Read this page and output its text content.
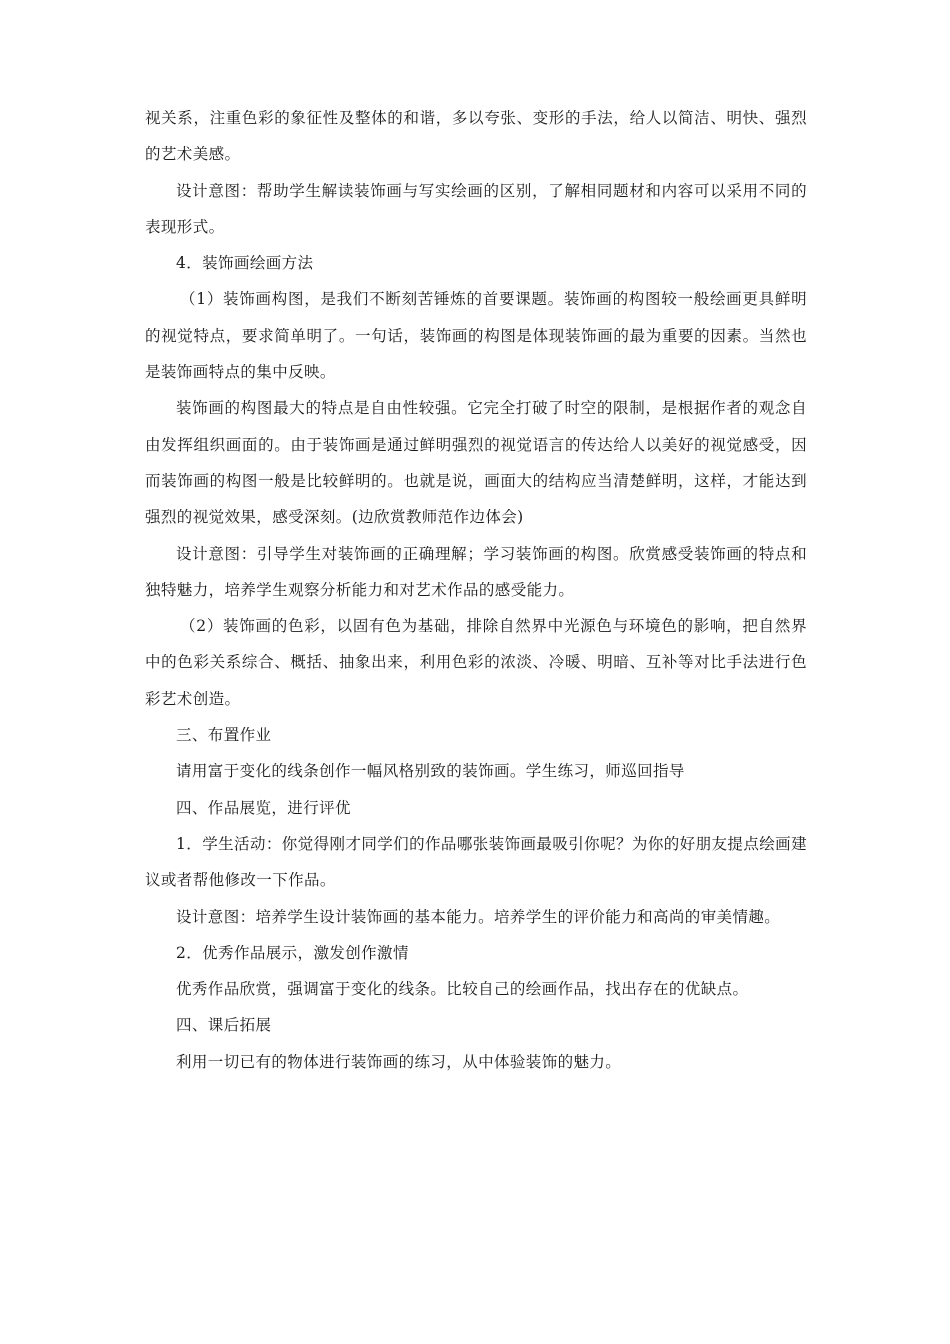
视关系，注重色彩的象征性及整体的和谐，多以夸张、变形的手法，给人以简洁、明快、强烈的艺术美感。

设计意图：帮助学生解读装饰画与写实绘画的区别，了解相同题材和内容可以采用不同的表现形式。

4．装饰画绘画方法

（1）装饰画构图，是我们不断刻苦锤炼的首要课题。装饰画的构图较一般绘画更具鲜明的视觉特点，要求简单明了。一句话，装饰画的构图是体现装饰画的最为重要的因素。当然也是装饰画特点的集中反映。

装饰画的构图最大的特点是自由性较强。它完全打破了时空的限制，是根据作者的观念自由发挥组织画面的。由于装饰画是通过鲜明强烈的视觉语言的传达给人以美好的视觉感受，因而装饰画的构图一般是比较鲜明的。也就是说，画面大的结构应当清楚鲜明，这样，才能达到强烈的视觉效果，感受深刻。(边欣赏教师范作边体会)

设计意图：引导学生对装饰画的正确理解；学习装饰画的构图。欣赏感受装饰画的特点和独特魅力，培养学生观察分析能力和对艺术作品的感受能力。

（2）装饰画的色彩，以固有色为基础，排除自然界中光源色与环境色的影响，把自然界中的色彩关系综合、概括、抽象出来，利用色彩的浓淡、冷暖、明暗、互补等对比手法进行色彩艺术创造。

三、布置作业

请用富于变化的线条创作一幅风格别致的装饰画。学生练习，师巡回指导

四、作品展览，进行评优

1．学生活动：你觉得刚才同学们的作品哪张装饰画最吸引你呢？为你的好朋友提点绘画建议或者帮他修改一下作品。

设计意图：培养学生设计装饰画的基本能力。培养学生的评价能力和高尚的审美情趣。

2．优秀作品展示，激发创作激情

优秀作品欣赏，强调富于变化的线条。比较自己的绘画作品，找出存在的优缺点。

四、课后拓展

利用一切已有的物体进行装饰画的练习，从中体验装饰的魅力。
